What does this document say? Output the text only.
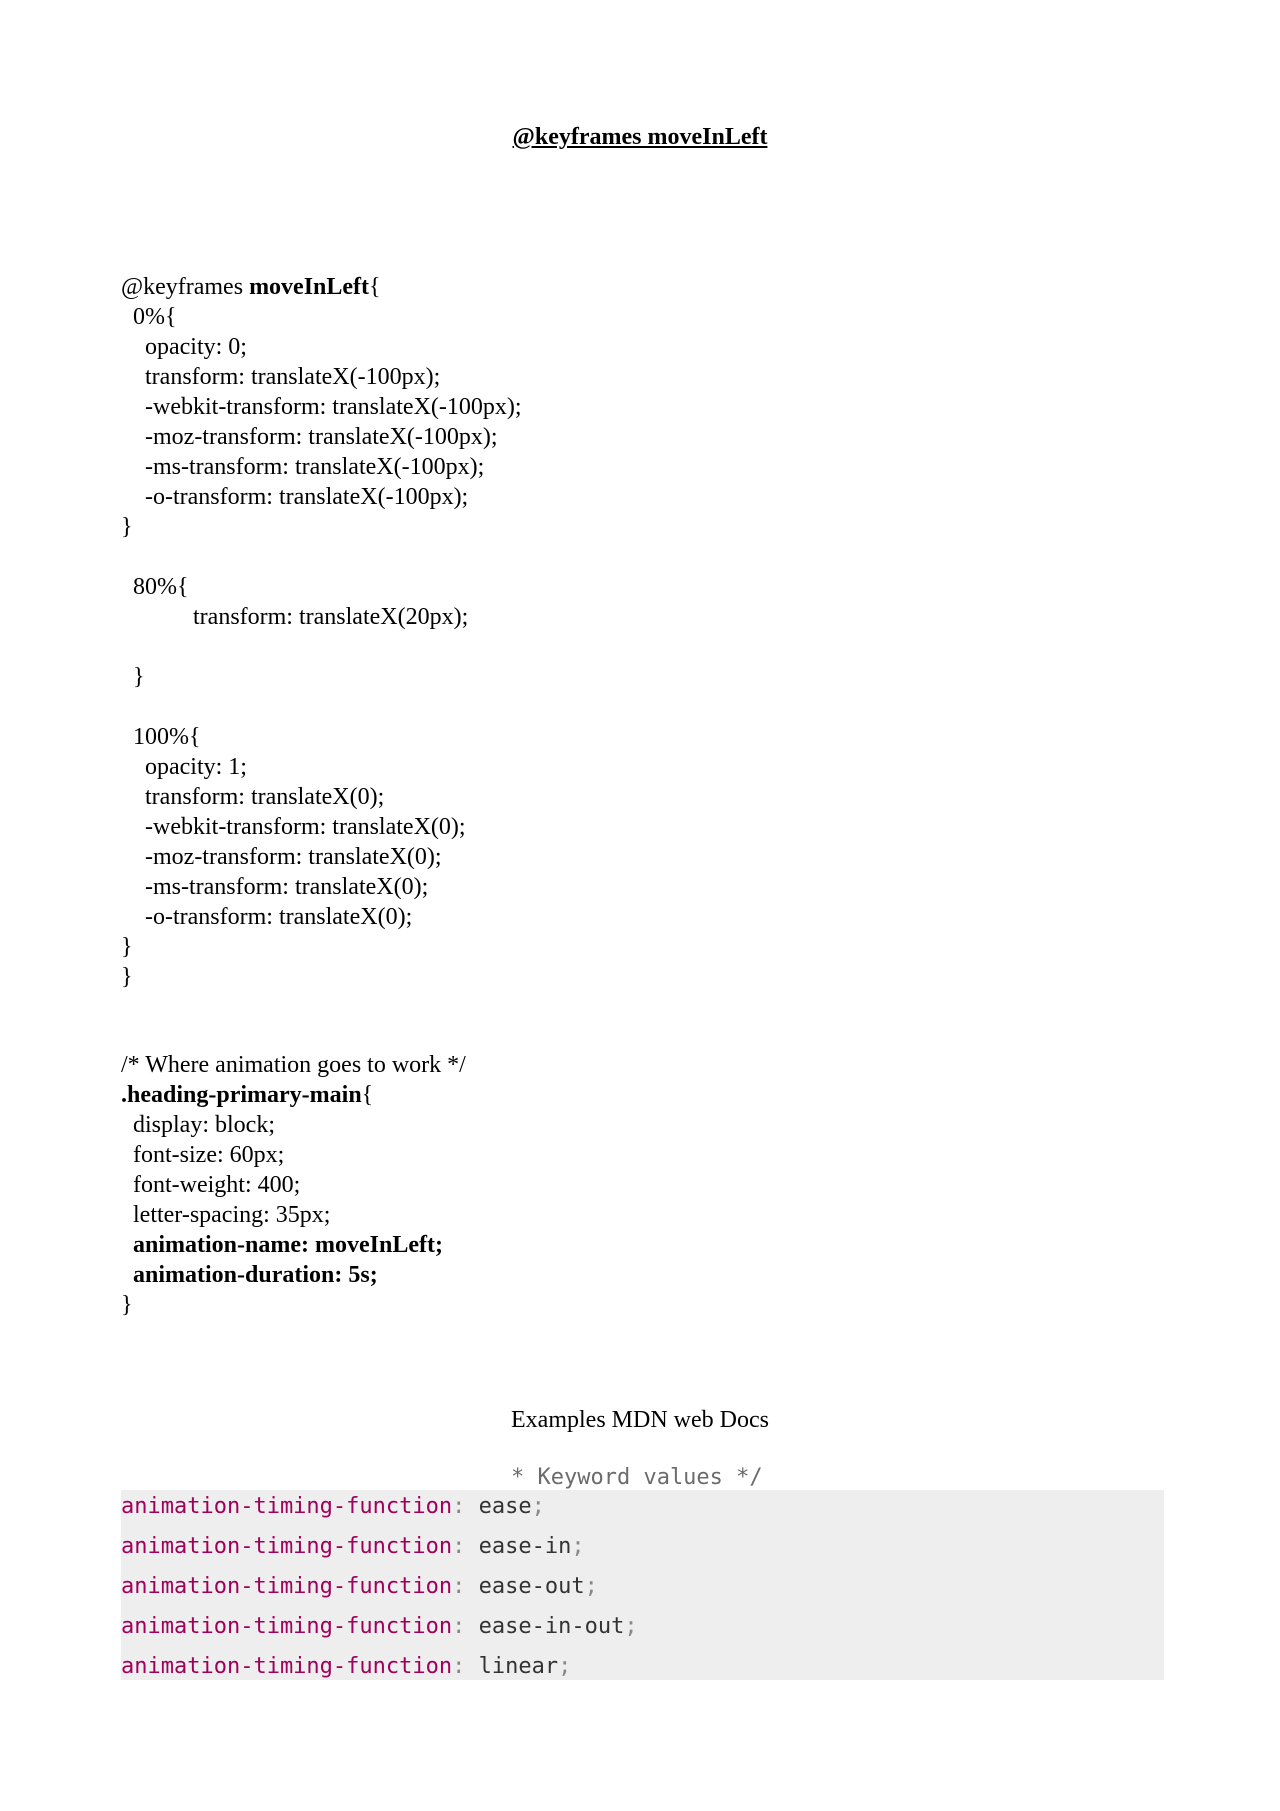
@keyframes moveInLeft
@keyframes moveInLeft{
0%{
opacity: 0;
transform: translateX(-100px);
-webkit-transform: translateX(-100px);
-moz-transform: translateX(-100px);
-ms-transform: translateX(-100px);
-o-transform: translateX(-100px);
}
80%{
transform: translateX(20px);
}
100%{
opacity: 1;
transform: translateX(0);
-webkit-transform: translateX(0);
-moz-transform: translateX(0);
-ms-transform: translateX(0);
-o-transform: translateX(0);
}
}
/* Where animation goes to work */
.heading-primary-main{
display: block;
font-size: 60px;
font-weight: 400;
letter-spacing: 35px;
animation-name: moveInLeft;
animation-duration: 5s;
}
Examples MDN web Docs
* Keyword values */
animation-timing-function: ease;
animation-timing-function: ease-in;
animation-timing-function: ease-out;
animation-timing-function: ease-in-out;
animation-timing-function: linear;
